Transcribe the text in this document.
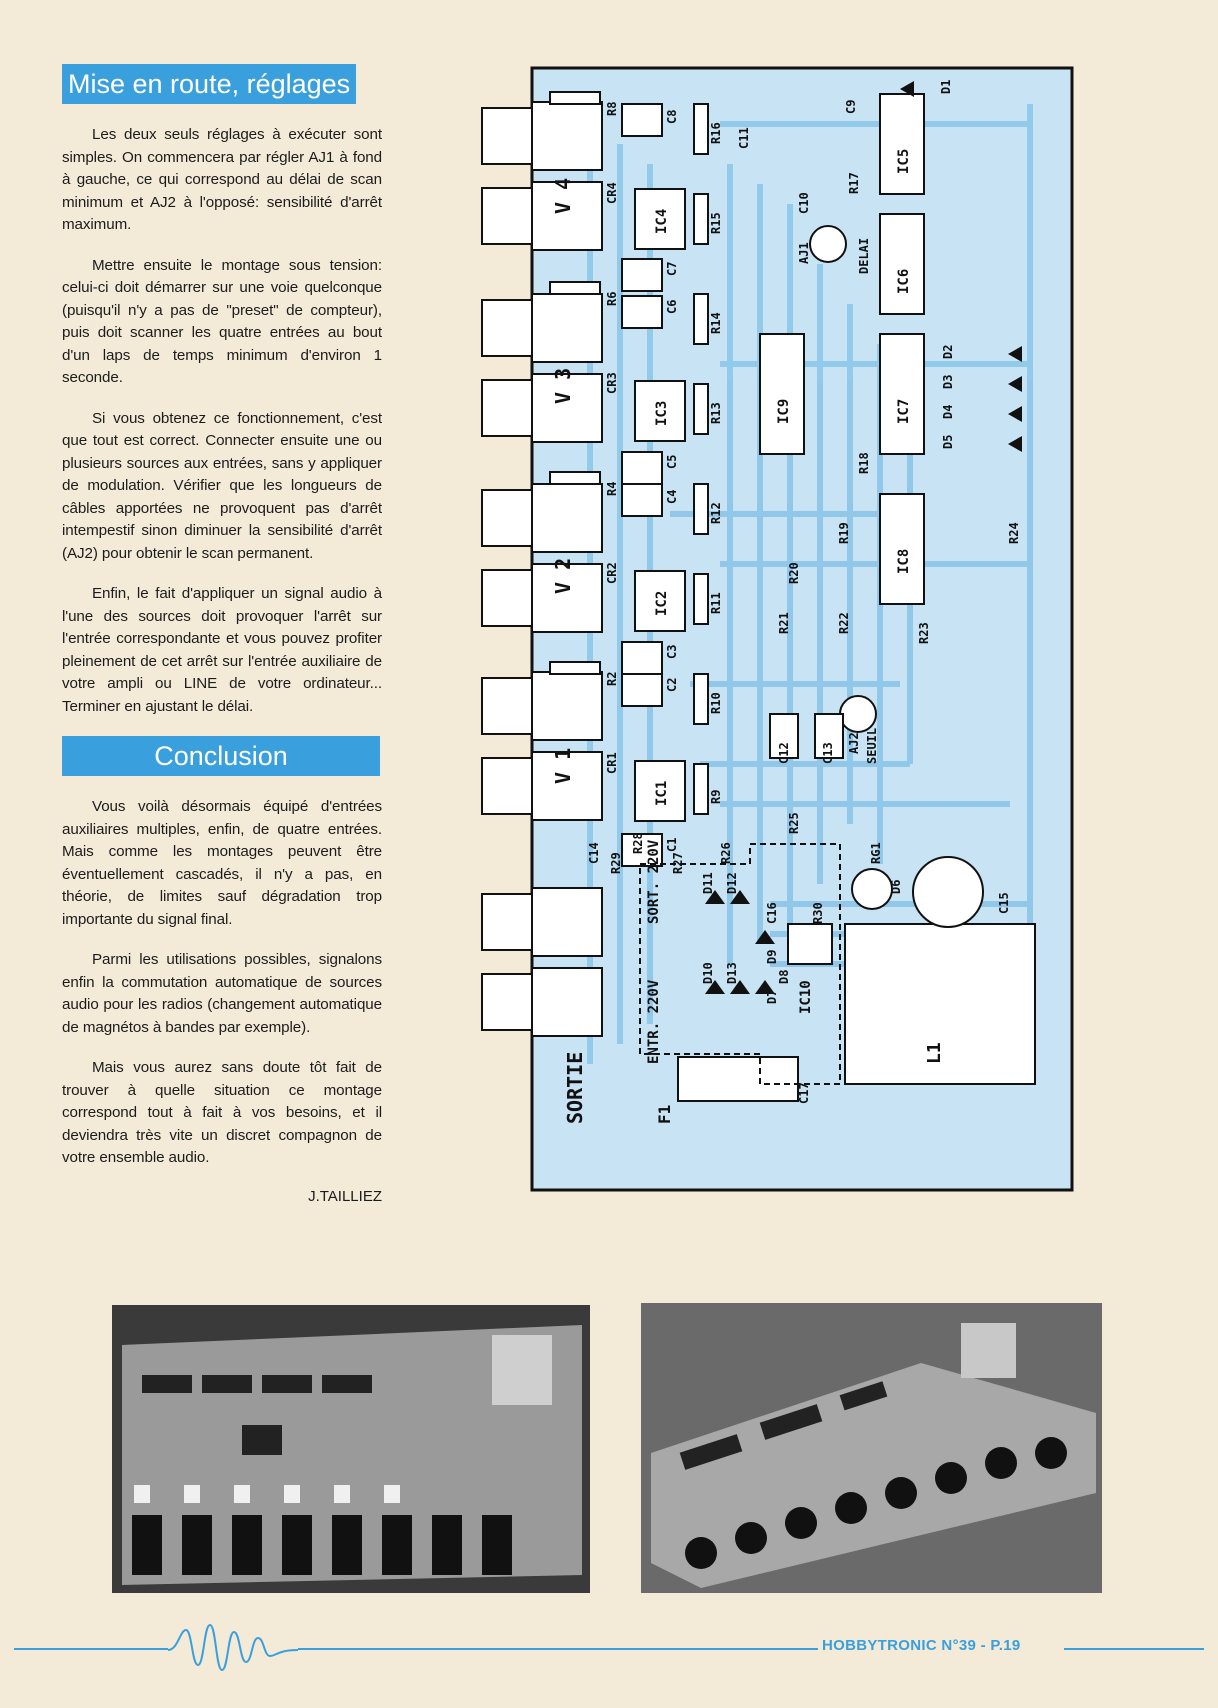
Mise en route, réglages

Les deux seuls réglages à exécuter sont simples. On commencera par régler AJ1 à fond à gauche, ce qui correspond au délai de scan minimum et AJ2 à l'opposé: sensibilité d'arrêt maximum.

Mettre ensuite le montage sous tension: celui-ci doit démarrer sur une voie quelconque (puisqu'il n'y a pas de "preset" de compteur), puis doit scanner les quatre entrées au bout d'un laps de temps minimum d'environ 1 seconde.

Si vous obtenez ce fonctionnement, c'est que tout est correct. Connecter ensuite une ou plusieurs sources aux entrées, sans y appliquer de modulation. Vérifier que les longueurs de câbles apportées ne provoquent pas d'arrêt intempestif sinon diminuer la sensibilité d'arrêt (AJ2) pour obtenir le scan permanent.

Enfin, le fait d'appliquer un signal audio à l'une des sources doit provoquer l'arrêt sur l'entrée correspondante et vous pouvez profiter pleinement de cet arrêt sur l'entrée auxiliaire de votre ampli ou LINE de votre ordinateur... Terminer en ajustant le délai.

Conclusion

Vous voilà désormais équipé d'entrées auxiliaires multiples, enfin, de quatre entrées. Mais comme les montages peuvent être éventuellement cascadés, il n'y a pas, en théorie, de limites sauf dégradation trop importante du signal final.

Parmi les utilisations possibles, signalons enfin la commutation automatique de sources audio pour les radios (changement automatique de magnétos à bandes par exemple).

Mais vous aurez sans doute tôt fait de trouver à quelle situation ce montage correspond tout à fait à vos besoins, et il deviendra très vite un discret compagnon de votre ensemble audio.

J.TAILLIEZ
V 4
V 3
V 2
V 1
SORTIE
IC4
IC3
IC2
IC1
IC5
IC6
IC7
IC8
IC9
IC10
R8
R16
R15
R6
R14
R13
R4
R12
R11
R2
R10
R9
R29
R28
R27	R26
C8
C7
C6
C5
C4
C3
C2
C1
C11
C14
CR4
CR3
CR2
CR1
C9
D1
C10
R17
AJ1	DELAI
D2
D3
D4
D5
R18
R19
R20
R21	R22	R23
R24
AJ2 SEUIL
C12	C13
R25
RG1
D6
C15
C16	R30
L1
C17
F1
ENTR. 220V
SORT. 220V	D11 D12
D9
D10 D13	D8
D7
HOBBYTRONIC N°39 - P.19
